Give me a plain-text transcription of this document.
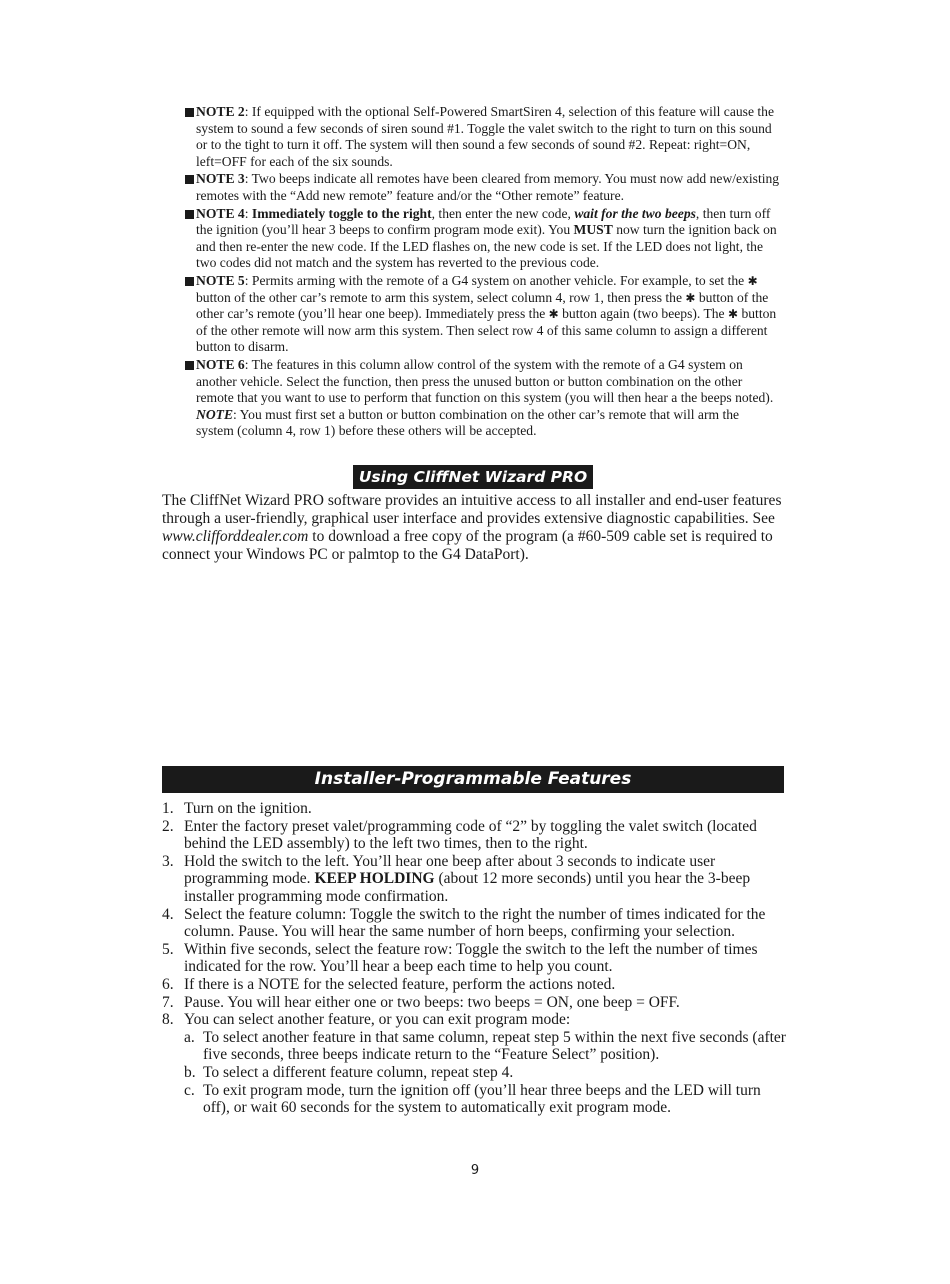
NOTE 2: If equipped with the optional Self-Powered SmartSiren 4, selection of this feature will cause the system to sound a few seconds of siren sound #1. Toggle the valet switch to the right to turn on this sound or to the tight to turn it off. The system will then sound a few seconds of sound #2. Repeat: right=ON, left=OFF for each of the six sounds.
NOTE 3: Two beeps indicate all remotes have been cleared from memory. You must now add new/existing remotes with the “Add new remote” feature and/or the “Other remote” feature.
NOTE 4: Immediately toggle to the right, then enter the new code, wait for the two beeps, then turn off the ignition (you’ll hear 3 beeps to confirm program mode exit). You MUST now turn the ignition back on and then re-enter the new code. If the LED flashes on, the new code is set. If the LED does not light, the two codes did not match and the system has reverted to the previous code.
NOTE 5: Permits arming with the remote of a G4 system on another vehicle. For example, to set the ✱ button of the other car’s remote to arm this system, select column 4, row 1, then press the ✱ button of the other car’s remote (you’ll hear one beep). Immediately press the ✱ button again (two beeps). The ✱ button of the other remote will now arm this system. Then select row 4 of this same column to assign a different button to disarm.
NOTE 6: The features in this column allow control of the system with the remote of a G4 system on another vehicle. Select the function, then press the unused button or button combination on the other remote that you want to use to perform that function on this system (you will then hear a the beeps noted). NOTE: You must first set a button or button combination on the other car’s remote that will arm the system (column 4, row 1) before these others will be accepted.
Using CliffNet Wizard PRO
The CliffNet Wizard PRO software provides an intuitive access to all installer and end-user features through a user-friendly, graphical user interface and provides extensive diagnostic capabilities. See www.clifforddealer.com to download a free copy of the program (a #60-509 cable set is required to connect your Windows PC or palmtop to the G4 DataPort).
Installer-Programmable Features
1. Turn on the ignition.
2. Enter the factory preset valet/programming code of “2” by toggling the valet switch (located behind the LED assembly) to the left two times, then to the right.
3. Hold the switch to the left. You’ll hear one beep after about 3 seconds to indicate user programming mode. KEEP HOLDING (about 12 more seconds) until you hear the 3-beep installer programming mode confirmation.
4. Select the feature column: Toggle the switch to the right the number of times indicated for the column. Pause. You will hear the same number of horn beeps, confirming your selection.
5. Within five seconds, select the feature row: Toggle the switch to the left the number of times indicated for the row. You’ll hear a beep each time to help you count.
6. If there is a NOTE for the selected feature, perform the actions noted.
7. Pause. You will hear either one or two beeps: two beeps = ON, one beep = OFF.
8. You can select another feature, or you can exit program mode:
a. To select another feature in that same column, repeat step 5 within the next five seconds (after five seconds, three beeps indicate return to the “Feature Select” position).
b. To select a different feature column, repeat step 4.
c. To exit program mode, turn the ignition off (you’ll hear three beeps and the LED will turn off), or wait 60 seconds for the system to automatically exit program mode.
9
